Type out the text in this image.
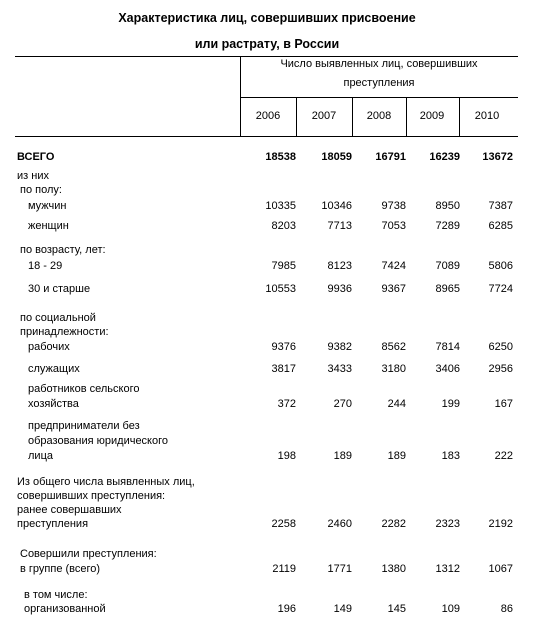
Характеристика лиц, совершивших присвоение
или растрату, в России
Число выявленных лиц, совершивших
преступления
2006	2007	2008	2009	2010
ВСЕГО	18538	18059	16791	16239	13672
из них
по полу:
мужчин	10335	10346	9738	8950	7387
женщин	8203	7713	7053	7289	6285
по возрасту, лет:
18 - 29	7985	8123	7424	7089	5806
30 и старше	10553	9936	9367	8965	7724
по социальной
принадлежности:
рабочих	9376	9382	8562	7814	6250
служащих	3817	3433	3180	3406	2956
работников сельского
хозяйства	372	270	244	199	167
предприниматели без
образования юридического
лица	198	189	189	183	222
Из общего числа выявленных лиц,
совершивших преступления:
ранее совершавших
преступления	2258	2460	2282	2323	2192
Совершили преступления:
в группе (всего)	2119	1771	1380	1312	1067
в том числе:
организованной	196	149	145	109	86
